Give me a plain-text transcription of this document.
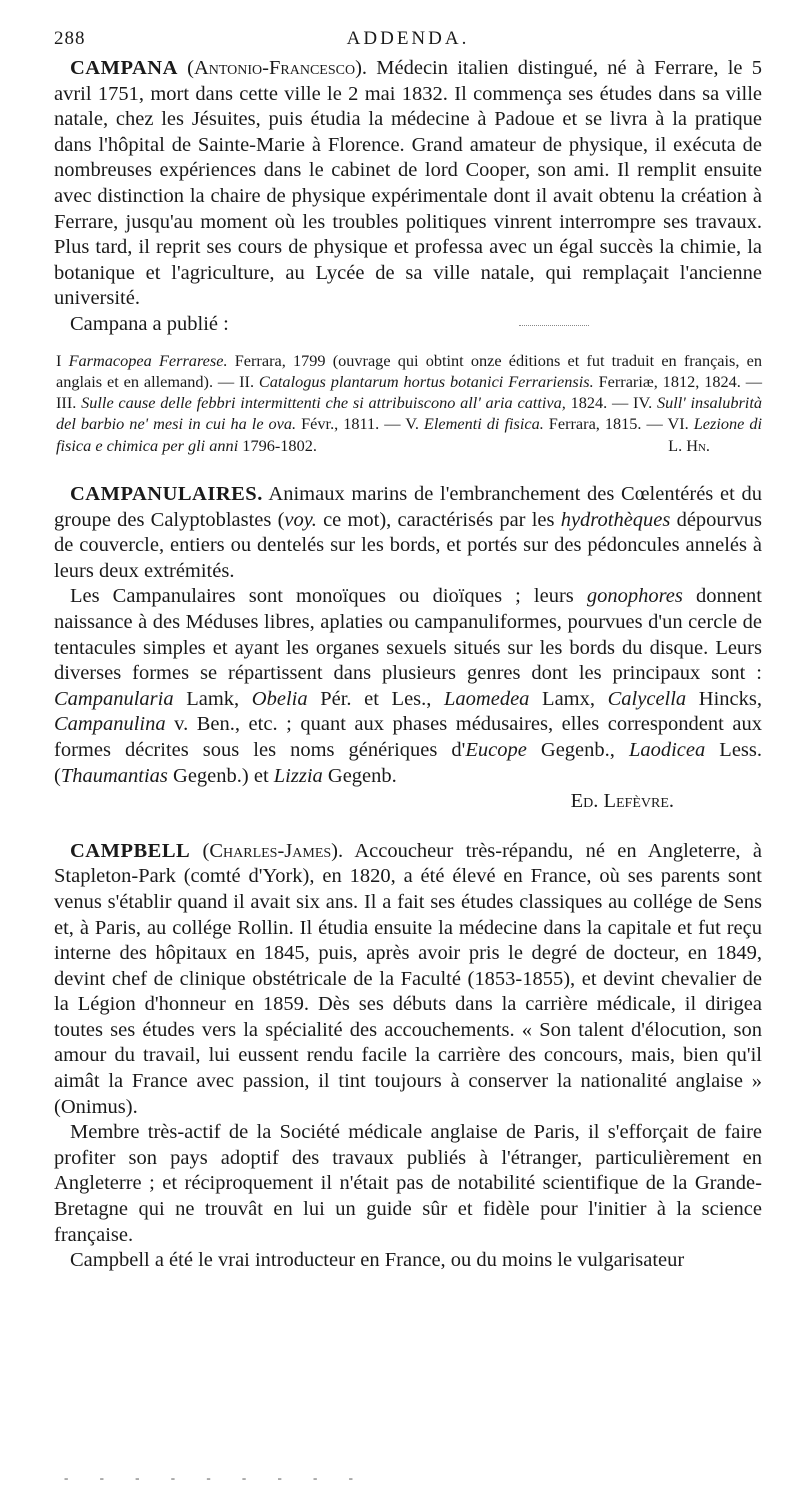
288	ADDENDA.

CAMPANA (Antonio-Francesco). Médecin italien distingué, né à Ferrare, le 5 avril 1751, mort dans cette ville le 2 mai 1832. Il commença ses études dans sa ville natale, chez les Jésuites, puis étudia la médecine à Padoue et se livra à la pratique dans l'hôpital de Sainte-Marie à Florence. Grand amateur de physique, il exécuta de nombreuses expériences dans le cabinet de lord Cooper, son ami. Il remplit ensuite avec distinction la chaire de physique expérimentale dont il avait obtenu la création à Ferrare, jusqu'au moment où les troubles politiques vinrent interrompre ses travaux. Plus tard, il reprit ses cours de physique et professa avec un égal succès la chimie, la botanique et l'agriculture, au Lycée de sa ville natale, qui remplaçait l'ancienne université.

Campana a publié :

I Farmacopea Ferrarese. Ferrara, 1799 (ouvrage qui obtint onze éditions et fut traduit en français, en anglais et en allemand). — II. Catalogus plantarum hortus botanici Ferrariensis. Ferrariæ, 1812, 1824. — III. Sulle cause delle febbri intermittenti che si attribuiscono all' aria cattiva, 1824. — IV. Sull' insalubrità del barbio ne' mesi in cui ha le ova. Févr., 1811. — V. Elementi di fisica. Ferrara, 1815. — VI. Lezione di fisica e chimica per gli anni 1796-1802.	L. Hn.

CAMPANULAIRES. Animaux marins de l'embranchement des Cœlentérés et du groupe des Calyptoblastes (voy. ce mot), caractérisés par les hydrothèques dépourvus de couvercle, entiers ou dentelés sur les bords, et portés sur des pédoncules annelés à leurs deux extrémités.

Les Campanulaires sont monoïques ou dioïques ; leurs gonophores donnent naissance à des Méduses libres, aplaties ou campanuliformes, pourvues d'un cercle de tentacules simples et ayant les organes sexuels situés sur les bords du disque. Leurs diverses formes se répartissent dans plusieurs genres dont les principaux sont : Campanularia Lamk, Obelia Pér. et Les., Laomedea Lamx, Calycella Hincks, Campanulina v. Ben., etc. ; quant aux phases médusaires, elles correspondent aux formes décrites sous les noms génériques d'Eucope Gegenb., Laodicea Less. (Thaumantias Gegenb.) et Lizzia Gegenb.

Ed. Lefèvre.

CAMPBELL (Charles-James). Accoucheur très-répandu, né en Angleterre, à Stapleton-Park (comté d'York), en 1820, a été élevé en France, où ses parents sont venus s'établir quand il avait six ans. Il a fait ses études classiques au collége de Sens et, à Paris, au collége Rollin. Il étudia ensuite la médecine dans la capitale et fut reçu interne des hôpitaux en 1845, puis, après avoir pris le degré de docteur, en 1849, devint chef de clinique obstétricale de la Faculté (1853-1855), et devint chevalier de la Légion d'honneur en 1859. Dès ses débuts dans la carrière médicale, il dirigea toutes ses études vers la spécialité des accouchements. « Son talent d'élocution, son amour du travail, lui eussent rendu facile la carrière des concours, mais, bien qu'il aimât la France avec passion, il tint toujours à conserver la nationalité anglaise » (Onimus).

Membre très-actif de la Société médicale anglaise de Paris, il s'efforçait de faire profiter son pays adoptif des travaux publiés à l'étranger, particulièrement en Angleterre ; et réciproquement il n'était pas de notabilité scientifique de la Grande-Bretagne qui ne trouvât en lui un guide sûr et fidèle pour l'initier à la science française.

Campbell a été le vrai introducteur en France, ou du moins le vulgarisateur

- - - - - - - - -
